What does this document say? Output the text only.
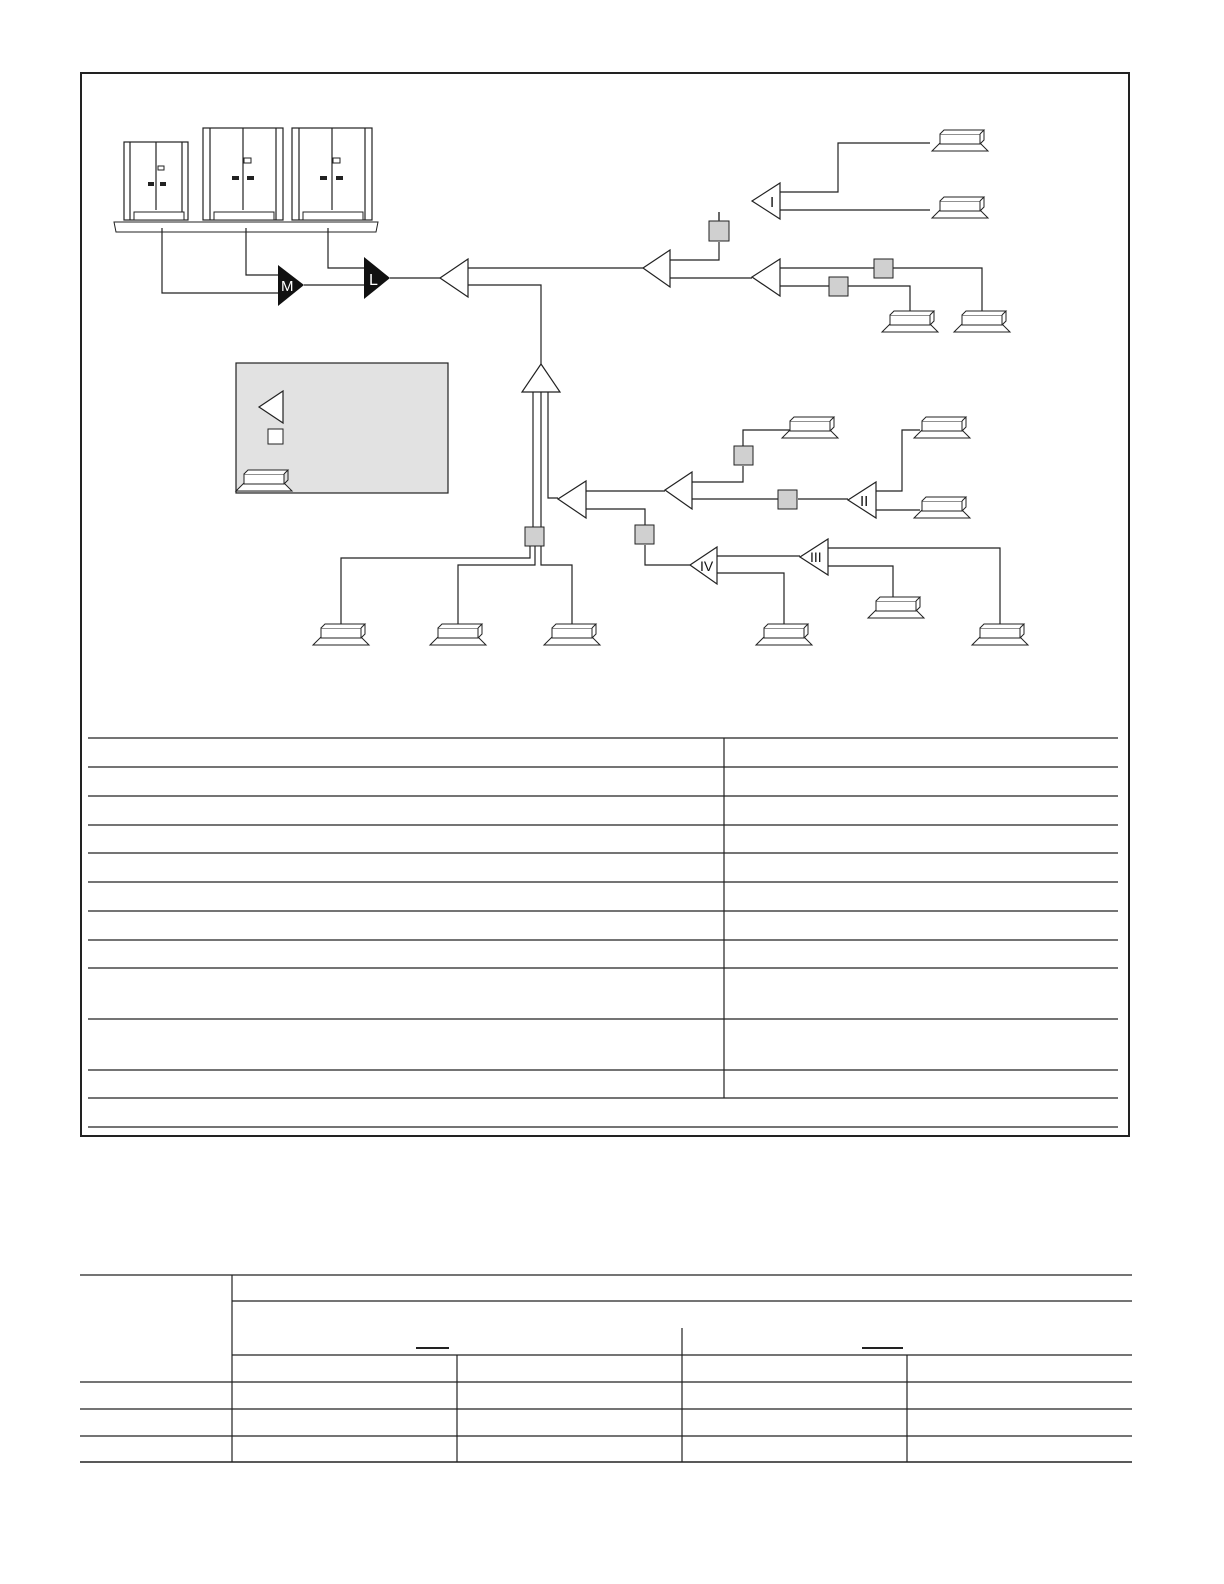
M	L
I
II
III
IV
